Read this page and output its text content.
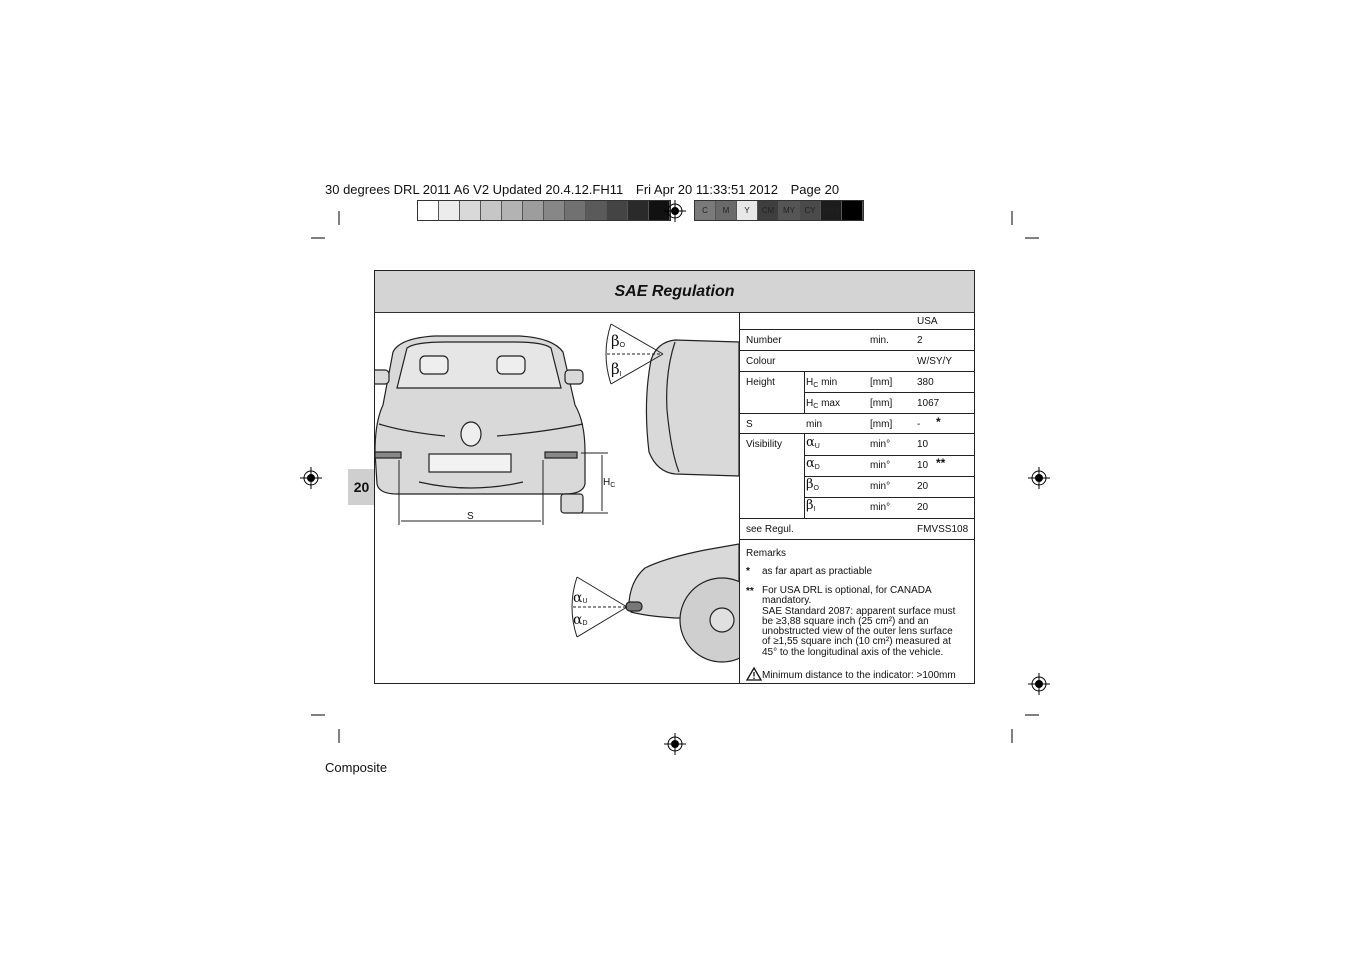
30 degrees DRL 2011 A6 V2 Updated 20.4.12.FH11 Fri Apr 20 11:33:51 2012 Page 20
C	M	Y	CM	MY	CY CMY
20
SAE Regulation
S
$H_C$
βO
βI
αU
αD
USA
Number	min.	2
Colour	W/SY/Y
Height	$H_C$ min	[mm] 380
$H_C$ max	[mm] 1067
S	min	[mm] - *
Visibility $\alpha_U$	min°	10
$\alpha_D$	min°	10 **
$\beta_O$	min°	20
$\beta_I$	min°	20
see Regul.	FMVSS108
Remarks
* as far apart as practiable
** For USA DRL is optional, for CANADA
mandatory.
SAE Standard 2087: apparent surface must
be ≥3,88 square inch (25 cm²) and an
unobstructed view of the outer lens surface
of ≥1,55 square inch (10 cm²) measured at
45° to the longitudinal axis of the vehicle.
Minimum distance to the indicator: >100mm
Composite
